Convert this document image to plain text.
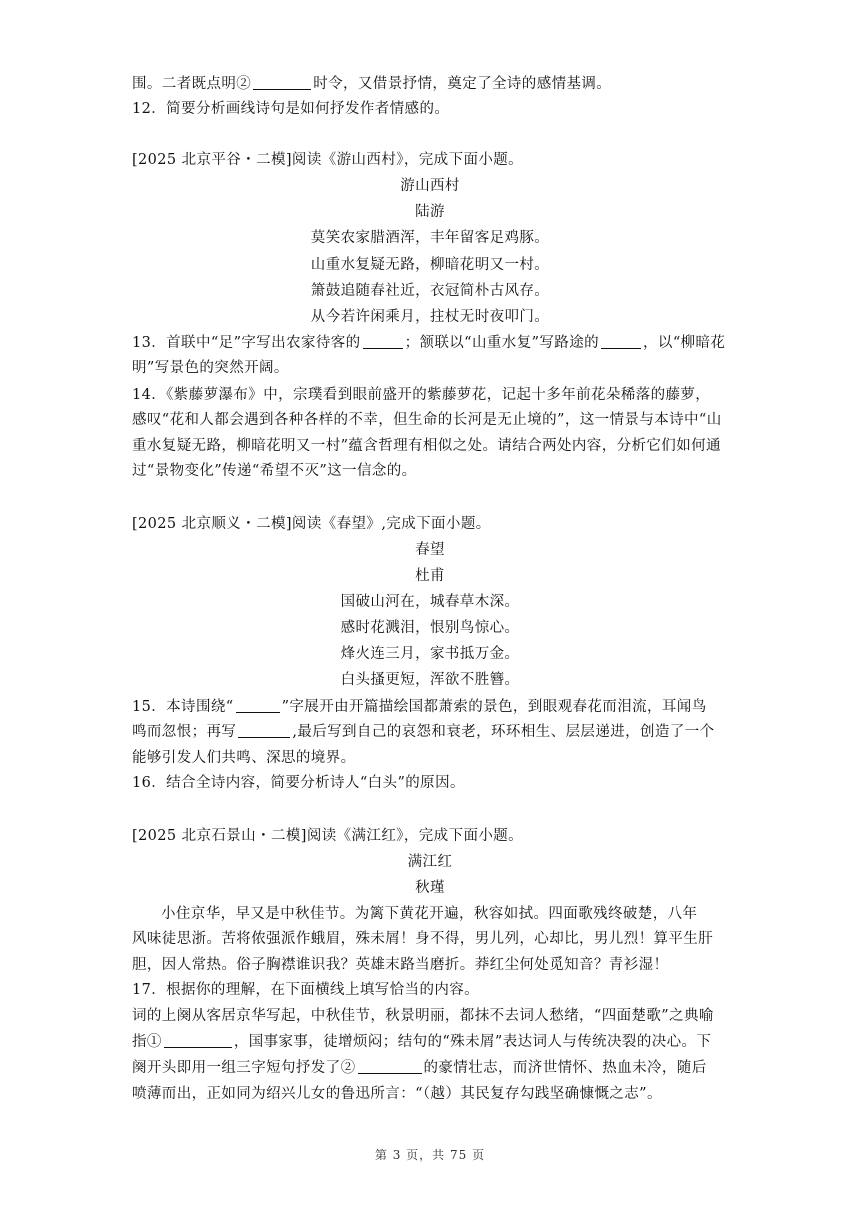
围。二者既点明②	时令，又借景抒情，奠定了全诗的感情基调。
12．简要分析画线诗句是如何抒发作者情感的。
[2025 北京平谷・二模]阅读《游山西村》，完成下面小题。
游山西村
陆游
莫笑农家腊酒浑，丰年留客足鸡豚。
山重水复疑无路，柳暗花明又一村。
箫鼓追随春社近，衣冠简朴古风存。
从今若许闲乘月，拄杖无时夜叩门。
13．首联中“足”字写出农家待客的	；颔联以“山重水复”写路途的	，以“柳暗花
明”写景色的突然开阔。
14．《紫藤萝瀑布》中，宗璞看到眼前盛开的紫藤萝花，记起十多年前花朵稀落的藤萝，
感叹“花和人都会遇到各种各样的不幸，但生命的长河是无止境的”，这一情景与本诗中“山
重水复疑无路，柳暗花明又一村”蕴含哲理有相似之处。请结合两处内容，分析它们如何通
过“景物变化”传递“希望不灭”这一信念的。
[2025 北京顺义・二模]阅读《春望》,完成下面小题。
春望
杜甫
国破山河在，城春草木深。
感时花溅泪，恨别鸟惊心。
烽火连三月，家书抵万金。
白头搔更短，浑欲不胜簪。
15．本诗围绕“	”字展开由开篇描绘国都萧索的景色，到眼观春花而泪流，耳闻鸟
鸣而忽恨；再写	,最后写到自己的哀怨和衰老，环环相生、层层递进，创造了一个
能够引发人们共鸣、深思的境界。
16．结合全诗内容，简要分析诗人“白头”的原因。
[2025 北京石景山・二模]阅读《满江红》，完成下面小题。
满江红
秋瑾
小住京华，早又是中秋佳节。为篱下黄花开遍，秋容如拭。四面歌残终破楚，八年
风味徒思浙。苦将侬强派作蛾眉，殊未屑！身不得，男儿列，心却比，男儿烈！算平生肝
胆，因人常热。俗子胸襟谁识我？英雄末路当磨折。莽红尘何处觅知音？青衫湿！
17．根据你的理解，在下面横线上填写恰当的内容。
词的上阕从客居京华写起，中秋佳节，秋景明丽，都抹不去词人愁绪，“四面楚歌”之典喻
指①	，国事家事，徒增烦闷；结句的“殊未屑”表达词人与传统决裂的决心。下
阕开头即用一组三字短句抒发了②	的豪情壮志，而济世情怀、热血未冷，随后
喷薄而出，正如同为绍兴儿女的鲁迅所言：“（越）其民复存勾践坚确慷慨之志”。
第 3 页，共 75 页
